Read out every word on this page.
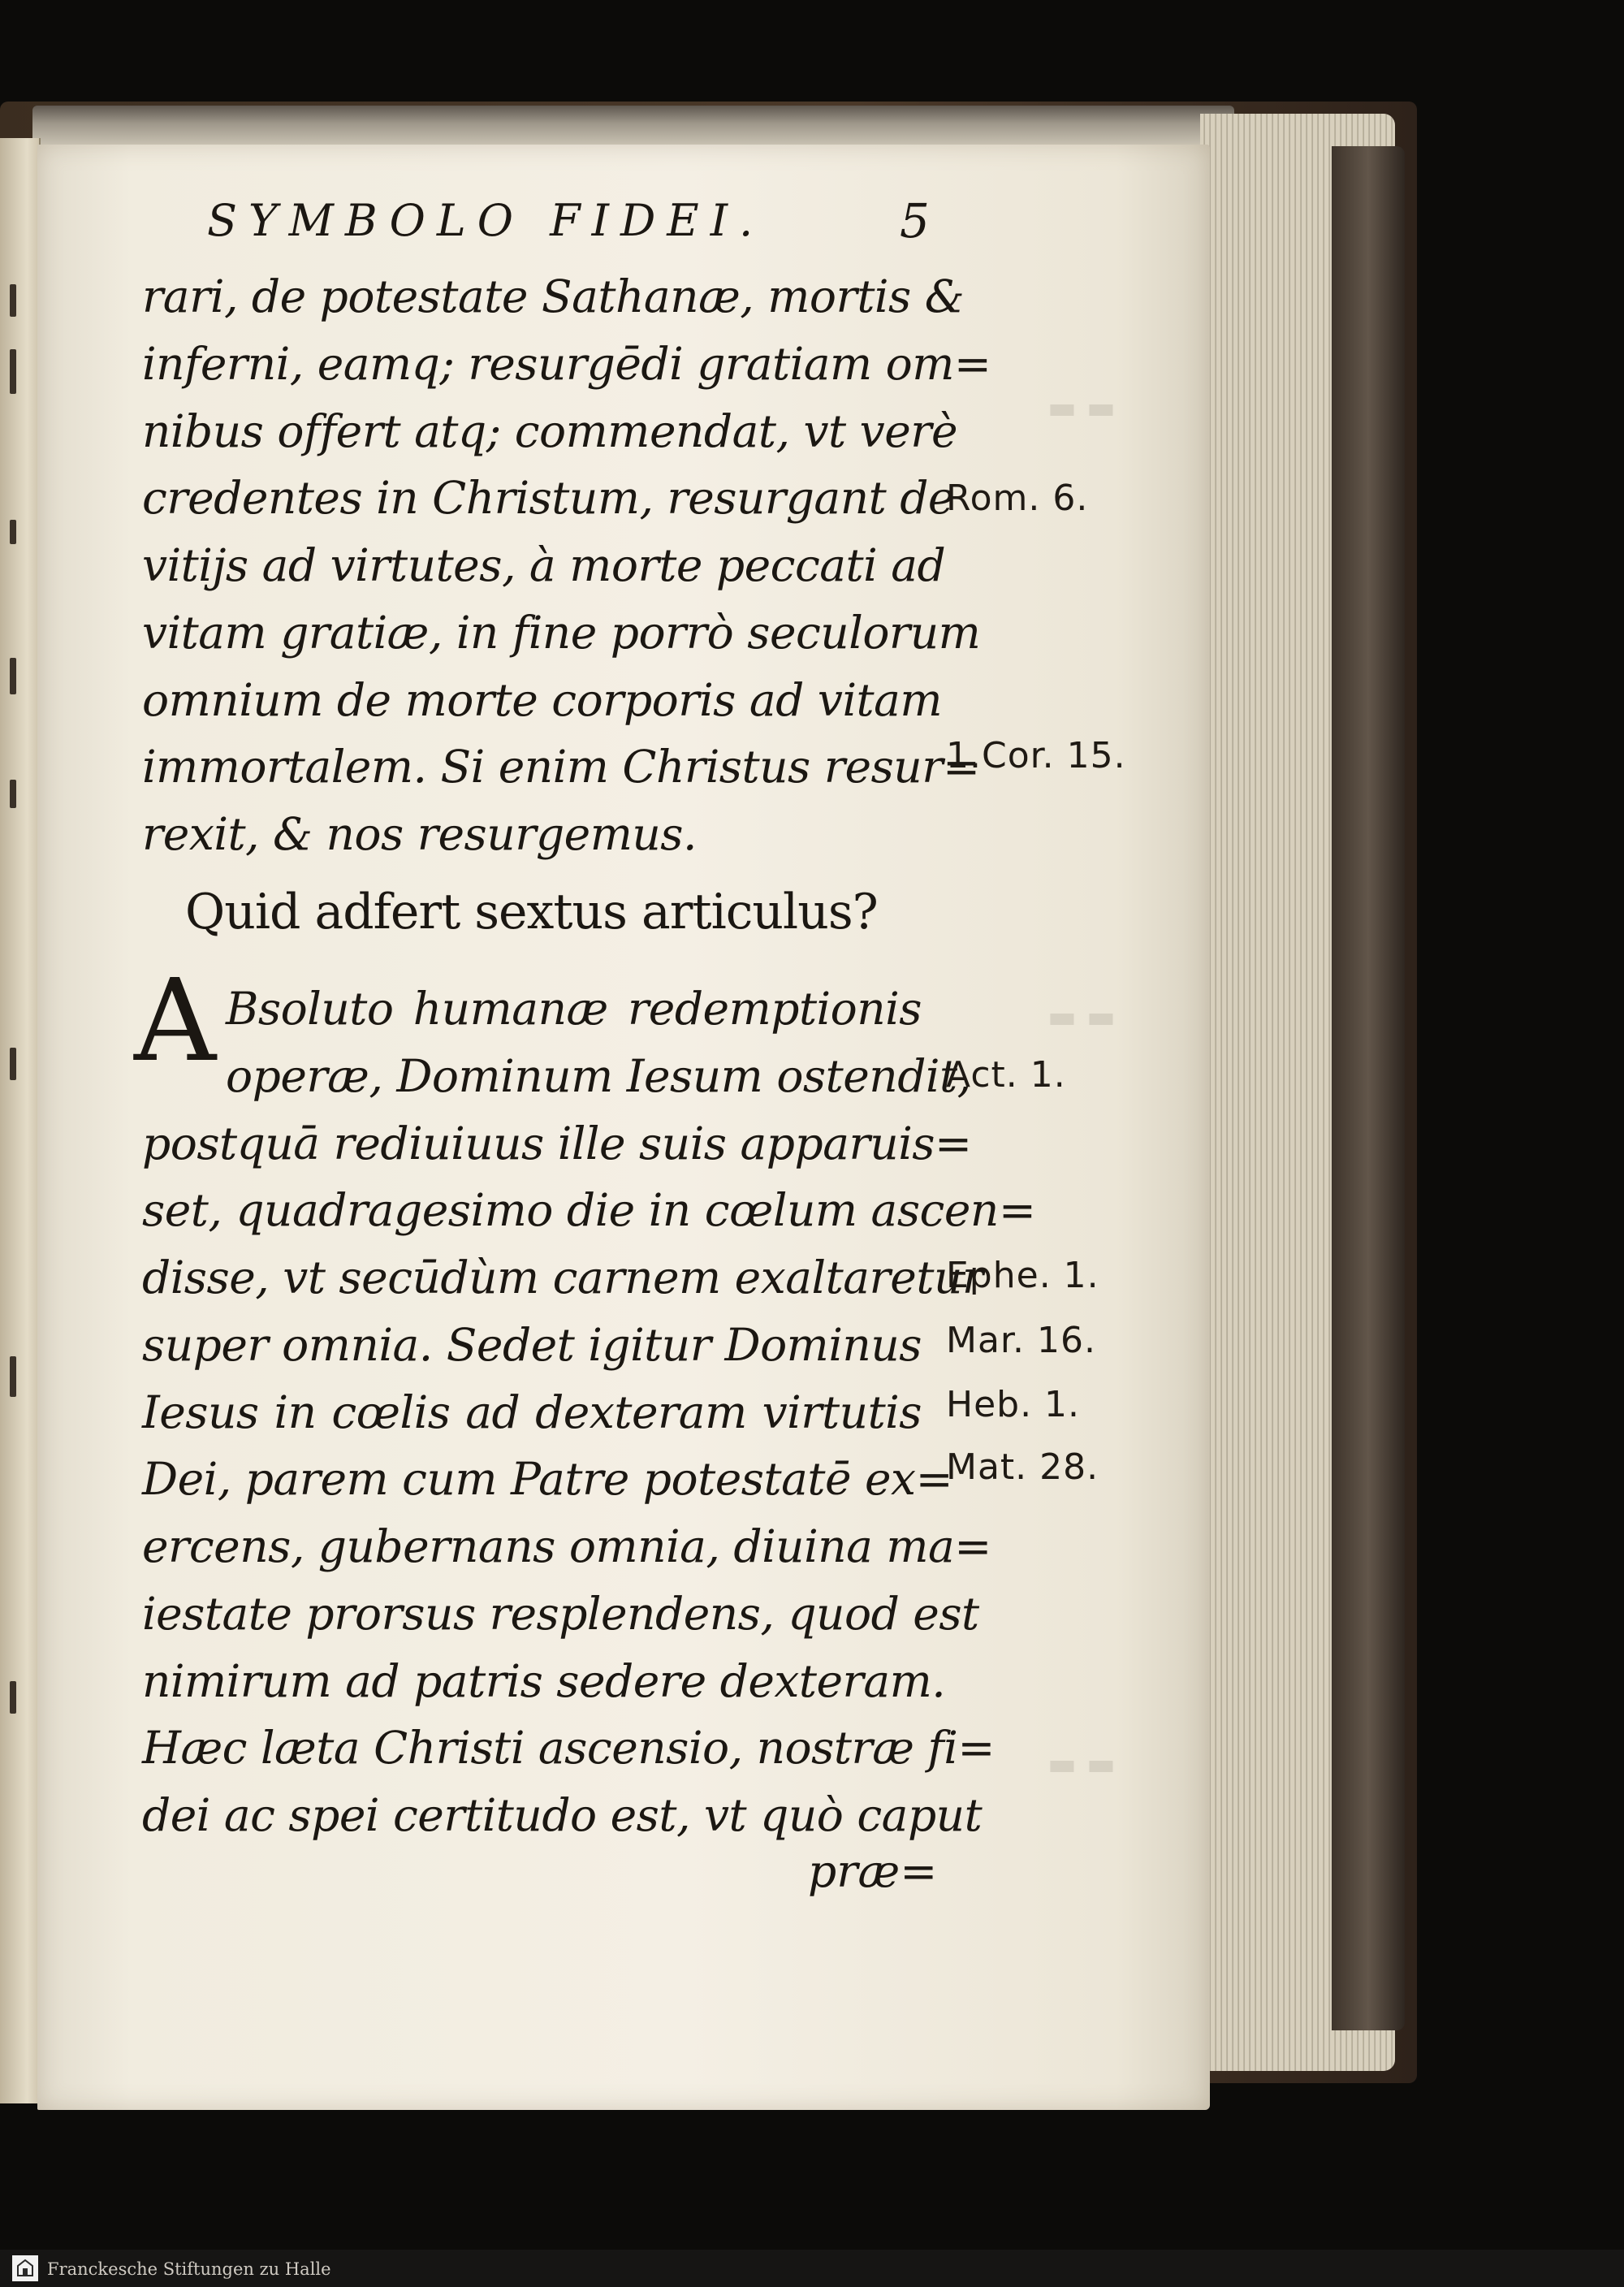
▬ ▬
▬ ▬
▬ ▬
SYMBOLO FIDEI.	5
rari, de potestate Sathanæ, mortis &
inferni, eamq; resurgēdi gratiam om=
nibus offert atq; commendat, vt verè
credentes in Christum, resurgant de
vitijs ad virtutes, à morte peccati ad
vitam gratiæ, in fine porrò seculorum
omnium de morte corporis ad vitam
immortalem. Si enim Christus resur=
rexit, & nos resurgemus.
Quid adfert sextus articulus?
A Bsoluto humanæ redemptionis
operæ, Dominum Iesum ostendit,
postquā rediuiuus ille suis apparuis=
set, quadragesimo die in cœlum ascen=
disse, vt secūdùm carnem exaltaretur
super omnia. Sedet igitur Dominus
Iesus in cœlis ad dexteram virtutis
Dei, parem cum Patre potestatē ex=
ercens, gubernans omnia, diuina ma=
iestate prorsus resplendens, quod est
nimirum ad patris sedere dexteram.
Hæc læta Christi ascensio, nostræ fi=
dei ac spei certitudo est, vt quò caput
præ=
Rom. 6.
1.Cor. 15.
Act. 1.
Ephe. 1.
Mar. 16.
Heb. 1.
Mat. 28.
Franckesche Stiftungen zu Halle
